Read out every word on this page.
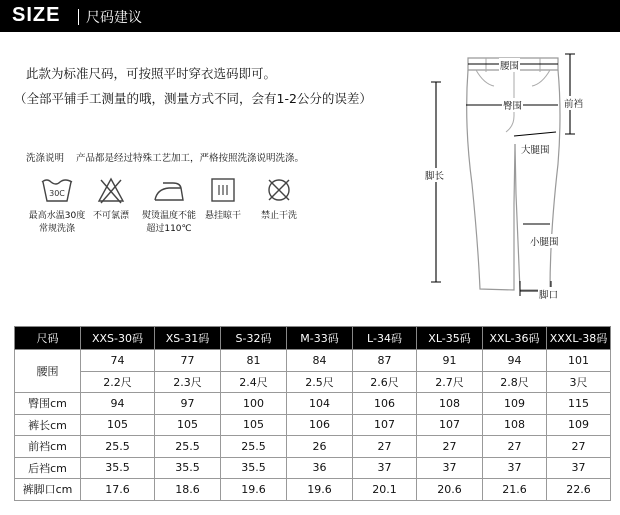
SIZE 尺码建议
此款为标准尺码，可按照平时穿衣选码即可。
（全部平铺手工测量的哦，测量方式不同，会有1-2公分的误差）
洗涤说明 产品都是经过特殊工艺加工，严格按照洗涤说明洗涤。
30C
最高水温30度
常规洗涤
不可氯漂	熨烫温度不能
超过110℃
悬挂晾干	禁止干洗
腰围
臀围	前裆
大腿围
脚长
小腿围
脚口
尺码	XXS-30码	XS-31码	S-32码	M-33码	L-34码	XL-35码	XXL-36码	XXXL-38码
腰围	74	77	81	84	87	91	94	101
	2.2尺	2.3尺	2.4尺	2.5尺	2.6尺	2.7尺	2.8尺	3尺
臀围cm	94	97	100	104	106	108	109	115
裤长cm	105	105	105	106	107	107	108	109
前裆cm	25.5	25.5	25.5	26	27	27	27	27
后裆cm	35.5	35.5	35.5	36	37	37	37	37
裤脚口cm	17.6	18.6	19.6	19.6	20.1	20.6	21.6	22.6
